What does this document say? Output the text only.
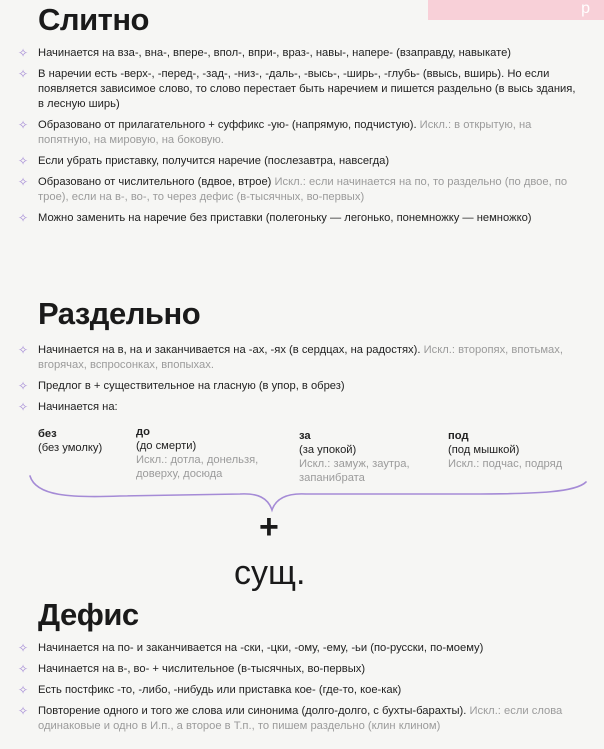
р
Слитно
✧ Начинается на вза-, вна-, впере-, впол-, впри-, враз-, навы-, напере- (взаправду, навыкате)
✧ В наречии есть -верх-, -перед-, -зад-, -низ-, -даль-, -высь-, -ширь-, -глубь- (ввысь, вширь). Но если появляется зависимое слово, то слово перестает быть наречием и пишется раздельно (в высь здания, в лесную ширь)
✧ Образовано от прилагательного + суффикс -ую- (напрямую, подчистую). Искл.: в открытую, на попятную, на мировую, на боковую.
✧ Если убрать приставку, получится наречие (послезавтра, навсегда)
✧ Образовано от числительного (вдвое, втрое) Искл.: если начинается на по, то раздельно (по двое, по трое), если на в-, во-, то через дефис (в-тысячных, во-первых)
✧ Можно заменить на наречие без приставки (полегоньку — легонько, понемножку — немножко)
Раздельно
✧ Начинается на в, на и заканчивается на -ах, -ях (в сердцах, на радостях). Искл.: второпях, впотьмах, вгорячах, вспросонках, впопыхах.
✧ Предлог в + существительное на гласную (в упор, в обрез)
✧ Начинается на:
без
(без умолку)
до
(до смерти)
Искл.: дотла, донельзя, доверху, досюда
за
(за упокой)
Искл.: замуж, заутра, запанибрата
под
(под мышкой)
Искл.: подчас, подряд
+
сущ.
Дефис
✧ Начинается на по- и заканчивается на -ски, -цки, -ому, -ему, -ьи (по-русски, по-моему)
✧ Начинается на в-, во- + числительное (в-тысячных, во-первых)
✧ Есть постфикс -то, -либо, -нибудь или приставка кое- (где-то, кое-как)
✧ Повторение одного и того же слова или синонима (долго-долго, с бухты-барахты). Искл.: если слова одинаковые и одно в И.п., а второе в Т.п., то пишем раздельно (клин клином)
